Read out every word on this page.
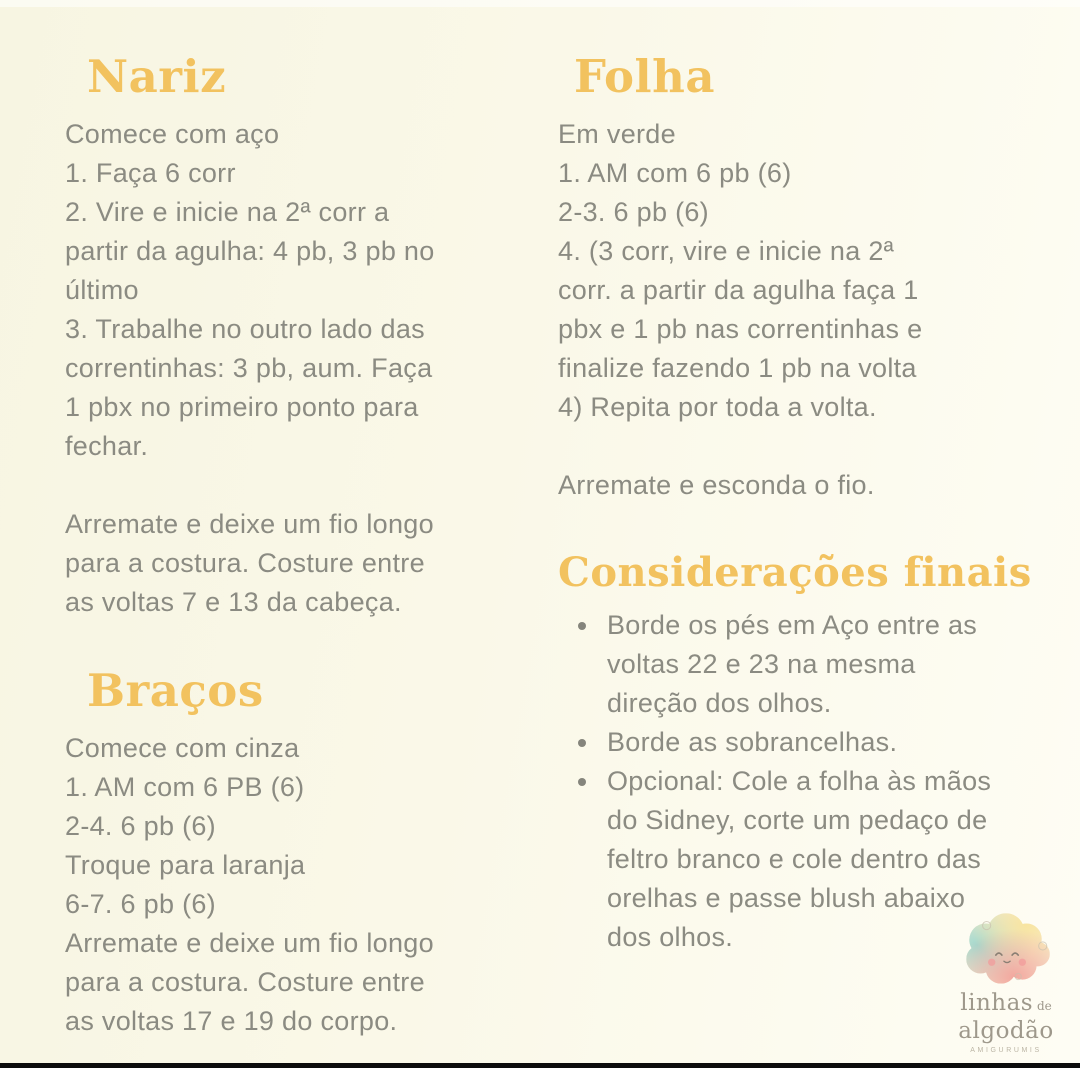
Nariz
Comece com aço
1. Faça 6 corr
2. Vire e inicie na 2ª corr a
partir da agulha: 4 pb, 3 pb no
último
3. Trabalhe no outro lado das
correntinhas: 3 pb, aum. Faça
1 pbx no primeiro ponto para
fechar.
Arremate e deixe um fio longo
para a costura. Costure entre
as voltas 7 e 13 da cabeça.
Braços
Comece com cinza
1. AM com 6 PB (6)
2-4. 6 pb (6)
Troque para laranja
6-7. 6 pb (6)
Arremate e deixe um fio longo
para a costura. Costure entre
as voltas 17 e 19 do corpo.
Folha
Em verde
1. AM com 6 pb (6)
2-3. 6 pb (6)
4. (3 corr, vire e inicie na 2ª
corr. a partir da agulha faça 1
pbx e 1 pb nas correntinhas e
finalize fazendo 1 pb na volta
4) Repita por toda a volta.
Arremate e esconda o fio.
Considerações finais
Borde os pés em Aço entre as voltas 22 e 23 na mesma direção dos olhos.
Borde as sobrancelhas.
Opcional: Cole a folha às mãos do Sidney, corte um pedaço de feltro branco e cole dentro das orelhas e passe blush abaixo dos olhos.
linhas de
algodão
AMIGURUMIS
